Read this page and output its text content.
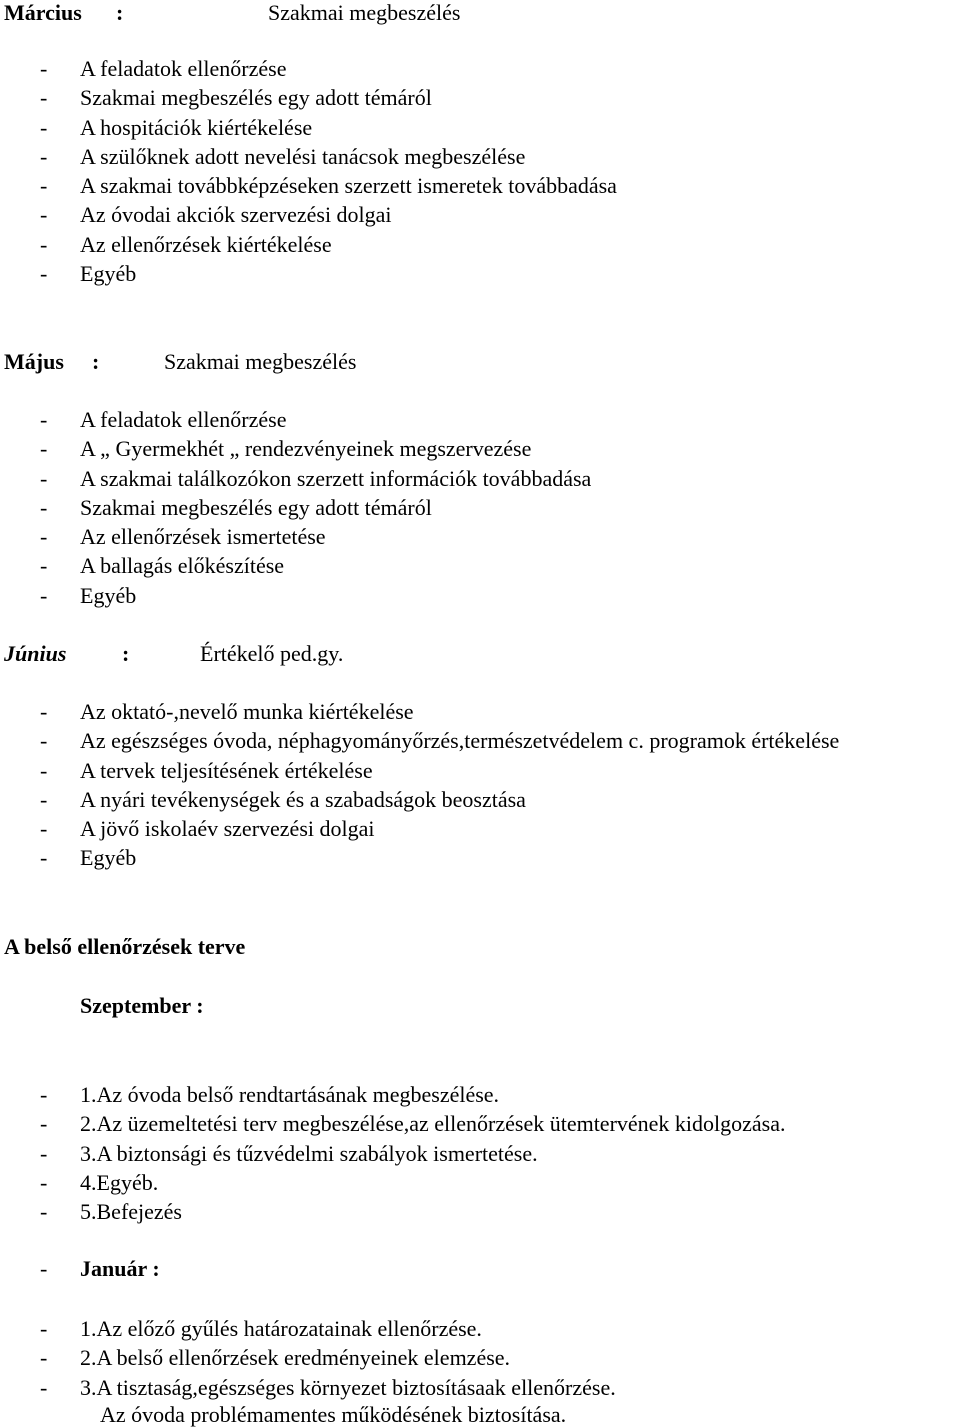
Március :	Szakmai megbeszélés
- A feladatok ellenőrzése
- Szakmai megbeszélés egy adott témáról
- A hospitációk kiértékelése
- A szülőknek adott nevelési tanácsok megbeszélése
- A szakmai továbbképzéseken szerzett ismeretek továbbadása
- Az óvodai akciók szervezési dolgai
- Az ellenőrzések kiértékelése
- Egyéb
Május :	Szakmai megbeszélés
- A feladatok ellenőrzése
- A „ Gyermekhét „ rendezvényeinek megszervezése
- A szakmai találkozókon szerzett információk továbbadása
- Szakmai megbeszélés egy adott témáról
- Az ellenőrzések ismertetése
- A ballagás előkészítése
- Egyéb
Június	:	Értékelő ped.gy.
- Az oktató-,nevelő munka kiértékelése
- Az egészséges óvoda, néphagyományőrzés,természetvédelem c. programok értékelése
- A tervek teljesítésének értékelése
- A nyári tevékenységek és a szabadságok beosztása
- A jövő iskolaév szervezési dolgai
- Egyéb
A belső ellenőrzések terve
Szeptember :
- 1.Az óvoda belső rendtartásának megbeszélése.
- 2.Az üzemeltetési terv megbeszélése,az ellenőrzések ütemtervének kidolgozása.
- 3.A biztonsági és tűzvédelmi szabályok ismertetése.
- 4.Egyéb.
- 5.Befejezés
- Január :
- 1.Az előző gyűlés határozatainak ellenőrzése.
- 2.A belső ellenőrzések eredményeinek elemzése.
- 3.A tisztaság,egészséges környezet biztosításaak ellenőrzése.
Az óvoda problémamentes működésének biztosítása.
